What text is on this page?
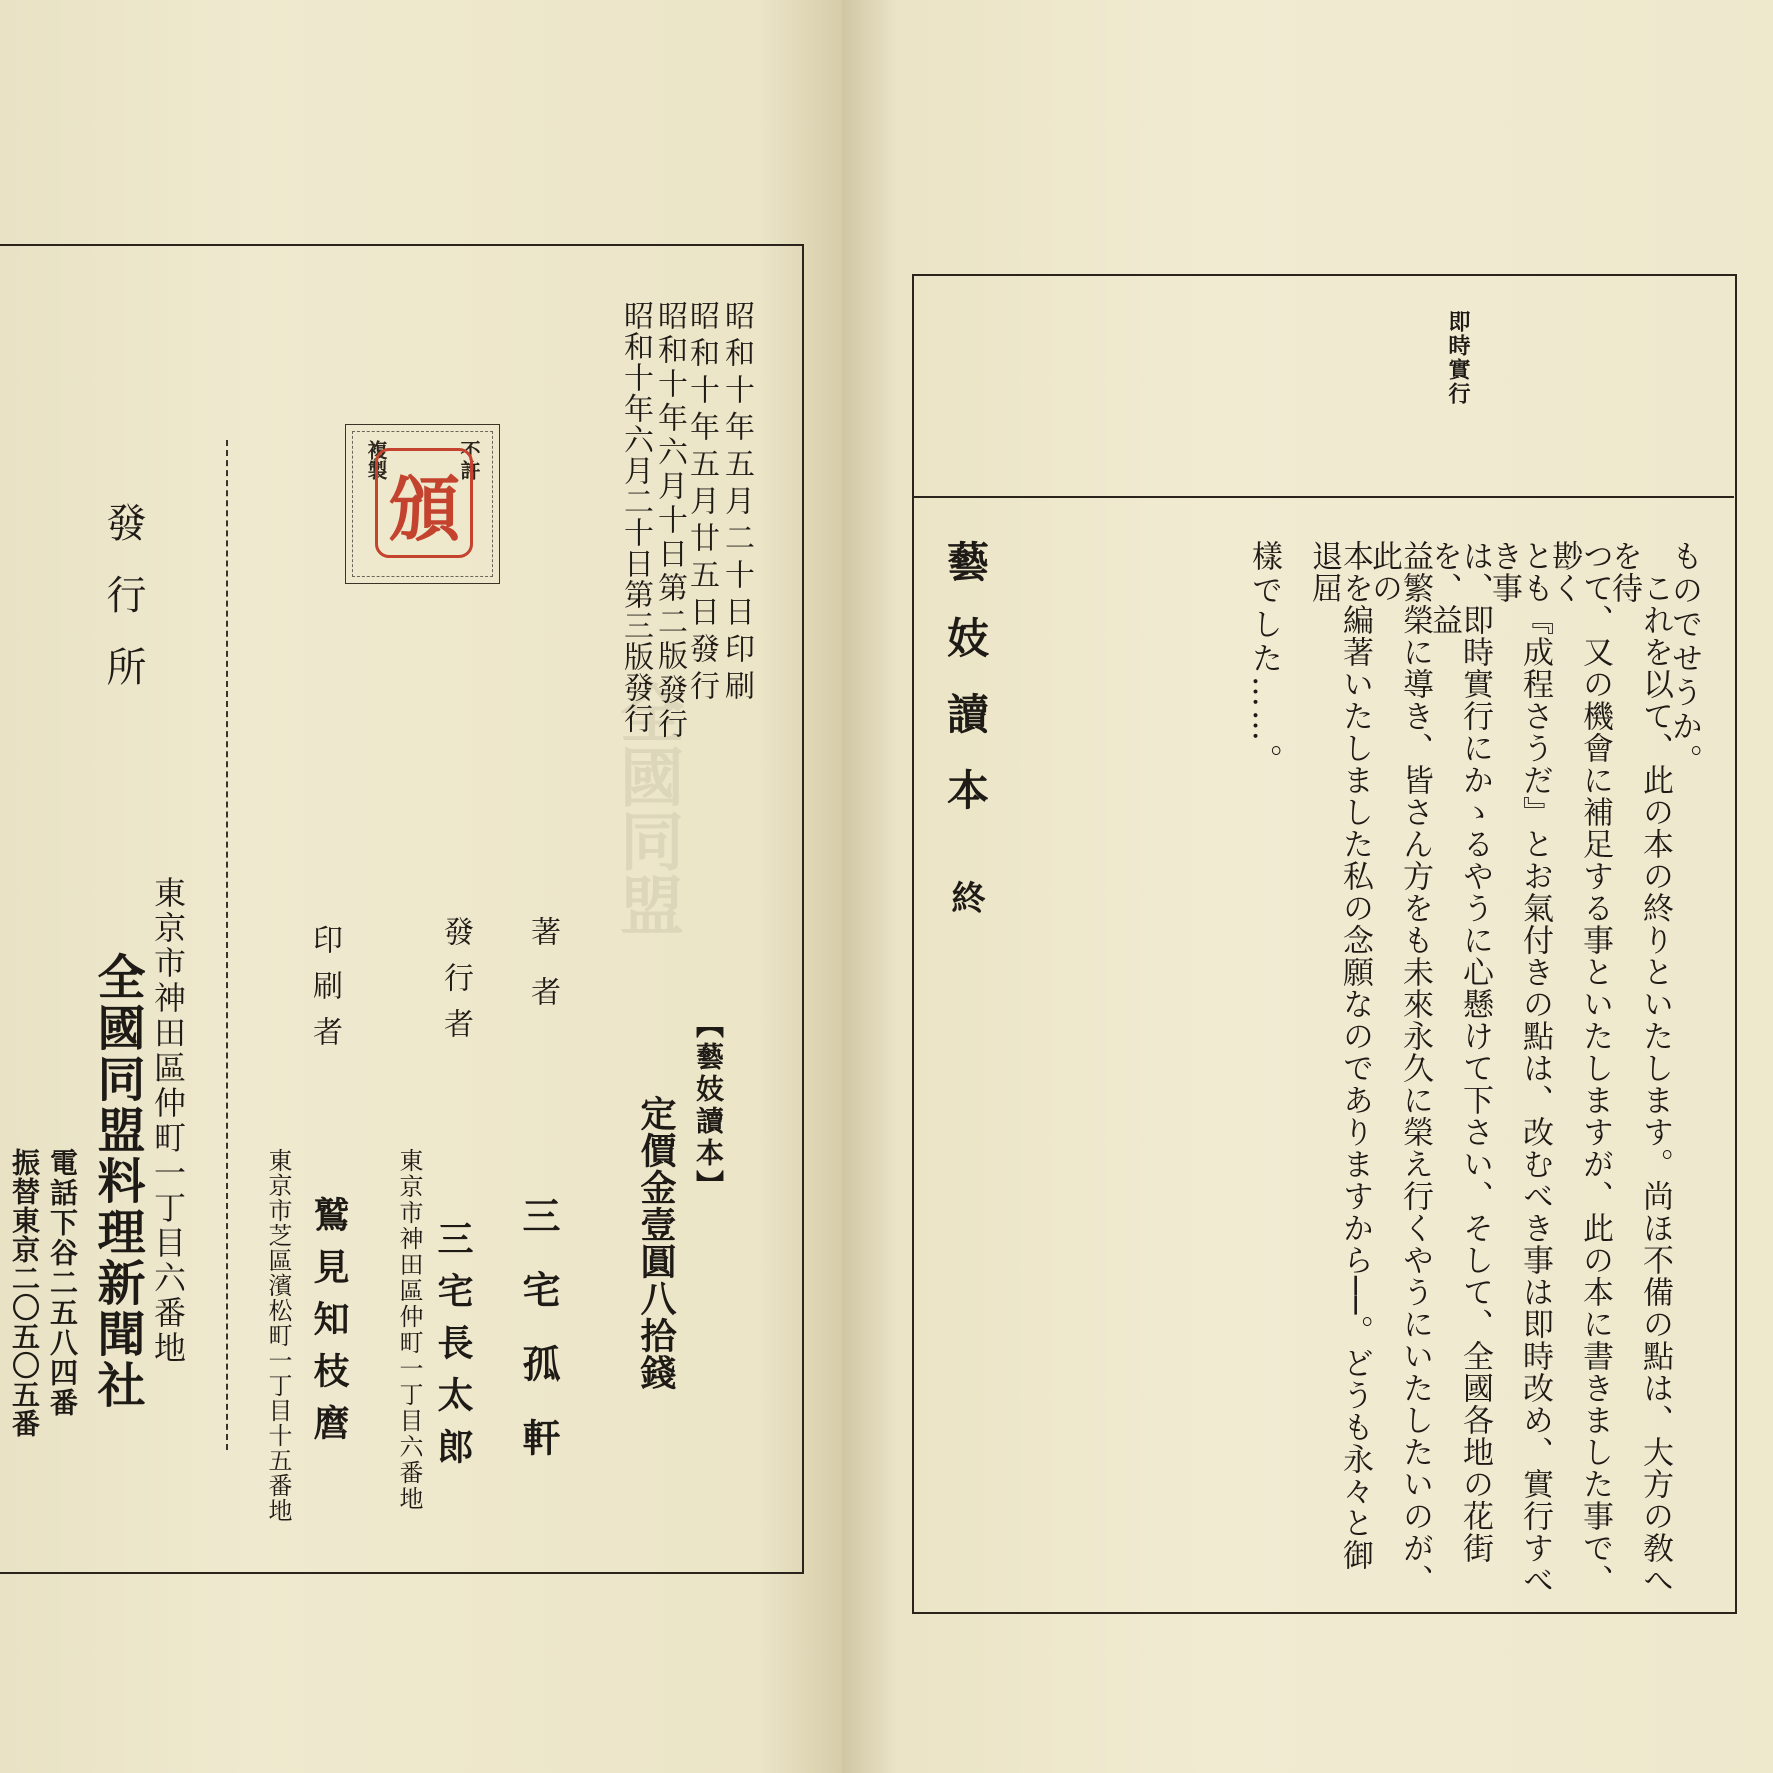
全國同盟
昭和十年五月二十日印刷
昭和十年五月廿五日發行
昭和十年六月十日第二版發行
昭和十年六月二十日第三版發行
不許
複製
頒
【藝妓讀本】
定價金壹圓八拾錢
著者
三宅孤軒
發行者
東京市神田區仲町一丁目六番地 三宅長太郎
印刷者
東京市芝區濱松町一丁目十五番地 鷲見知枝麿
發行所
東京市神田區仲町一丁目六番地
全國同盟料理新聞社
電話下谷二五八四番
振替東京二〇五〇五番
即時實行
ものでせうか。
　これを以て、此の本の終りといたします。尚ほ不備の點は、大方の敎へを待
つて、又の機會に補足する事といたしますが、此の本に書きました事で、尠く
とも『成程さうだ』とお氣付きの點は、改むべき事は即時改め、實行すべき事
は、即時實行にかゝるやうに心懸けて下さい、そして、全國各地の花街を、益
益繁榮に導き、皆さん方をも未來永久に榮え行くやうにいたしたいのが、此の
本を編著いたしました私の念願なのでありますから──。どうも永々と御退屈
樣でした……。
藝妓讀本
終
